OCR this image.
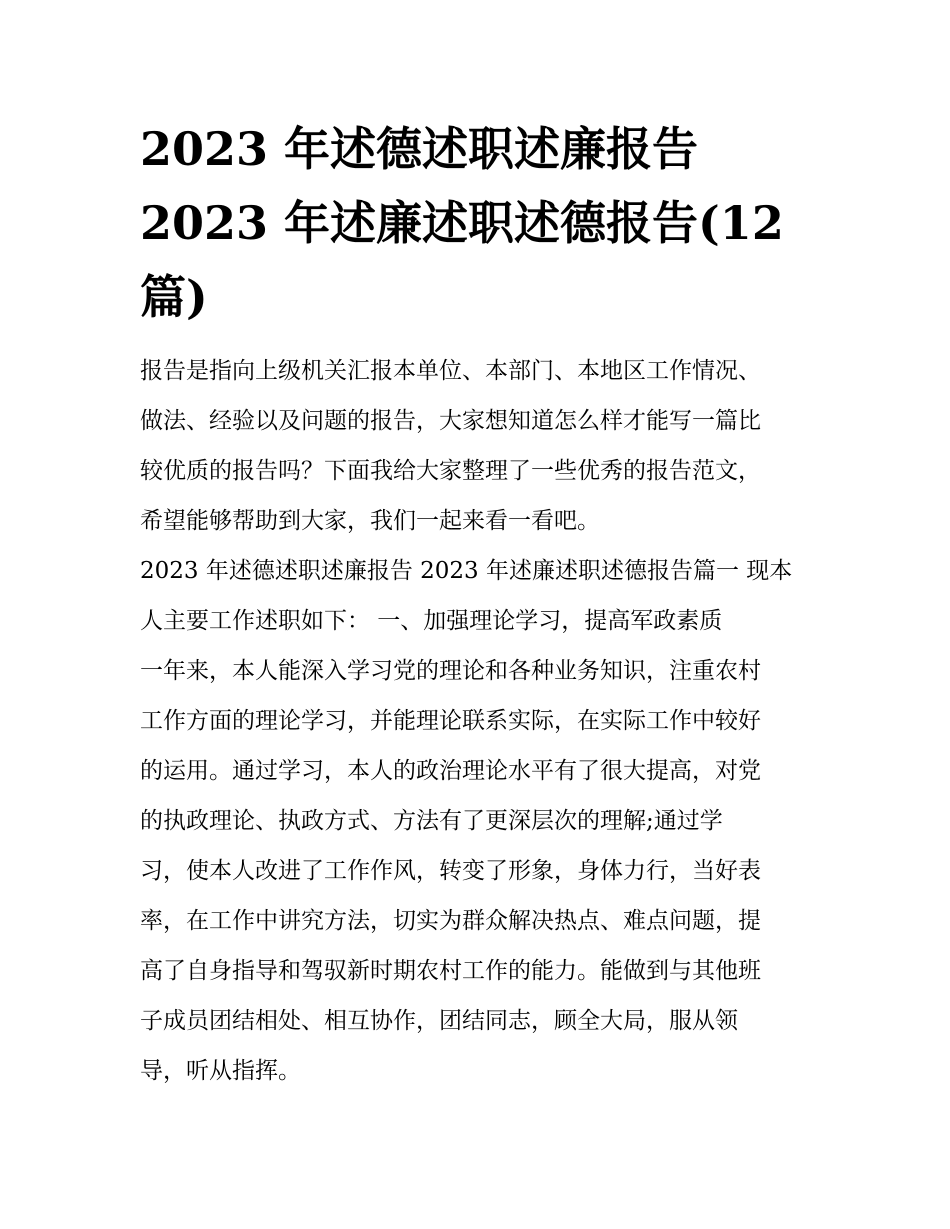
2023 年述德述职述廉报告
2023 年述廉述职述德报告(12
篇)

报告是指向上级机关汇报本单位、本部门、本地区工作情况、
做法、经验以及问题的报告，大家想知道怎么样才能写一篇比
较优质的报告吗？下面我给大家整理了一些优秀的报告范文，
希望能够帮助到大家，我们一起来看一看吧。

2023 年述德述职述廉报告 2023 年述廉述职述德报告篇一 现本
人主要工作述职如下： 一、加强理论学习，提高军政素质
一年来，本人能深入学习党的理论和各种业务知识，注重农村
工作方面的理论学习，并能理论联系实际，在实际工作中较好
的运用。通过学习，本人的政治理论水平有了很大提高，对党
的执政理论、执政方式、方法有了更深层次的理解;通过学
习，使本人改进了工作作风，转变了形象，身体力行，当好表
率，在工作中讲究方法，切实为群众解决热点、难点问题，提
高了自身指导和驾驭新时期农村工作的能力。能做到与其他班
子成员团结相处、相互协作，团结同志，顾全大局，服从领
导，听从指挥。
